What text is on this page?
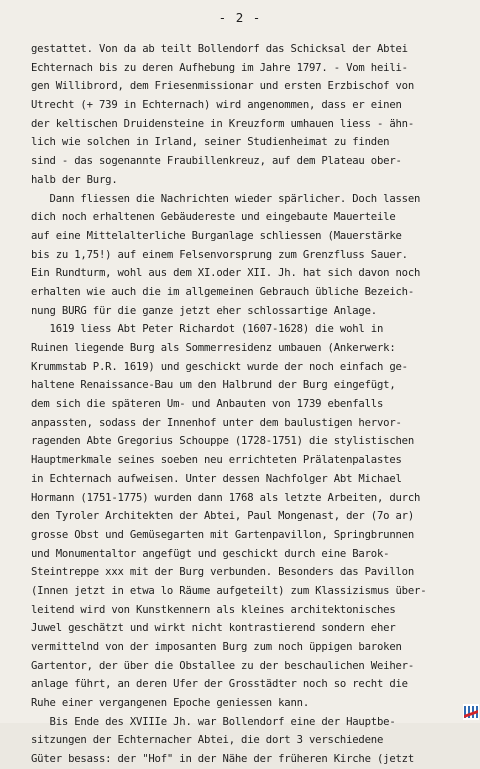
- 2 -
gestattet. Von da ab teilt Bollendorf das Schicksal der Abtei
Echternach bis zu deren Aufhebung im Jahre 1797. - Vom heili-
gen Willibrord, dem Friesenmissionar und ersten Erzbischof von
Utrecht (+ 739 in Echternach) wird angenommen, dass er einen
der keltischen Druidensteine in Kreuzform umhauen liess - ähn-
lich wie solchen in Irland, seiner Studienheimat zu finden
sind - das sogenannte Fraubillenkreuz, auf dem Plateau ober-
halb der Burg.
Dann fliessen die Nachrichten wieder spärlicher. Doch lassen
dich noch erhaltenen Gebäudereste und eingebaute Mauerteile
auf eine Mittelalterliche Burganlage schliessen (Mauerstärke
bis zu 1,75!) auf einem Felsenvorsprung zum Grenzfluss Sauer.
Ein Rundturm, wohl aus dem XI.oder XII. Jh. hat sich davon noch
erhalten wie auch die im allgemeinen Gebrauch übliche Bezeich-
nung BURG für die ganze jetzt eher schlossartige Anlage.
1619 liess Abt Peter Richardot (1607-1628) die wohl in
Ruinen liegende Burg als Sommerresidenz umbauen (Ankerwerk:
Krummstab P.R. 1619) und geschickt wurde der noch einfach ge-
haltene Renaissance-Bau um den Halbrund der Burg eingefügt,
dem sich die späteren Um- und Anbauten von 1739 ebenfalls
anpassten, sodass der Innenhof unter dem baulustigen hervor-
ragenden Abte Gregorius Schouppe (1728-1751) die stylistischen
Hauptmerkmale seines soeben neu errichteten Prälatenpalastes
in Echternach aufweisen. Unter dessen Nachfolger Abt Michael
Hormann (1751-1775) wurden dann 1768 als letzte Arbeiten, durch
den Tyroler Architekten der Abtei, Paul Mongenast, der (7o ar)
grosse Obst und Gemüsegarten mit Gartenpavillon, Springbrunnen
und Monumentaltor angefügt und geschickt durch eine Barok-
Steintreppe xxx mit der Burg verbunden. Besonders das Pavillon
(Innen jetzt in etwa lo Räume aufgeteilt) zum Klassizismus über-
leitend wird von Kunstkennern als kleines architektonisches
Juwel geschätzt und wirkt nicht kontrastierend sondern eher
vermittelnd von der imposanten Burg zum noch üppigen baroken
Gartentor, der über die Obstallee zu der beschaulichen Weiher-
anlage führt, an deren Ufer der Grosstädter noch so recht die
Ruhe einer vergangenen Epoche geniessen kann.
Bis Ende des XVIIIe Jh. war Bollendorf eine der Hauptbe-
sitzungen der Echternacher Abtei, die dort 3 verschiedene
Güter besass: der "Hof" in der Nähe der früheren Kirche (jetzt
